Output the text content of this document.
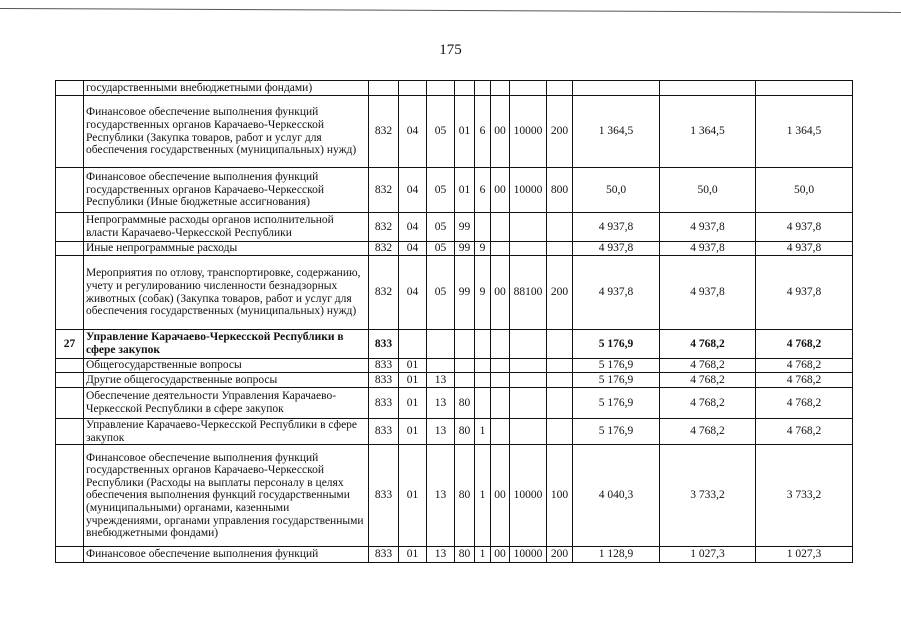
175
	государственными внебюджетными фондами)											
	Финансовое обеспечение выполнения функций государственных органов Карачаево-Черкесской Республики (Закупка товаров, работ и услуг для обеспечения государственных (муниципальных) нужд)	832	04	05	01	6	00	10000	200	1 364,5	1 364,5	1 364,5
	Финансовое обеспечение выполнения функций государственных органов Карачаево-Черкесской Республики (Иные бюджетные ассигнования)	832	04	05	01	6	00	10000	800	50,0	50,0	50,0
	Непрограммные расходы органов исполнительной власти Карачаево-Черкесской Республики	832	04	05	99					4 937,8	4 937,8	4 937,8
	Иные непрограммные расходы	832	04	05	99	9				4 937,8	4 937,8	4 937,8
	Мероприятия по отлову, транспортировке, содержанию, учету и регулированию численности безнадзорных животных (собак) (Закупка товаров, работ и услуг для обеспечения государственных (муниципальных) нужд)	832	04	05	99	9	00	88100	200	4 937,8	4 937,8	4 937,8
27	Управление Карачаево-Черкесской Республики в сфере закупок	833								5 176,9	4 768,2	4 768,2
	Общегосударственные вопросы	833	01							5 176,9	4 768,2	4 768,2
	Другие общегосударственные вопросы	833	01	13						5 176,9	4 768,2	4 768,2
	Обеспечение деятельности Управления Карачаево-Черкесской Республики в сфере закупок	833	01	13	80					5 176,9	4 768,2	4 768,2
	Управление Карачаево-Черкесской Республики в сфере закупок	833	01	13	80	1				5 176,9	4 768,2	4 768,2
	Финансовое обеспечение выполнения функций государственных органов Карачаево-Черкесской Республики (Расходы на выплаты персоналу в целях обеспечения выполнения функций государственными (муниципальными) органами, казенными учреждениями, органами управления государственными внебюджетными фондами)	833	01	13	80	1	00	10000	100	4 040,3	3 733,2	3 733,2
	Финансовое обеспечение выполнения функций	833	01	13	80	1	00	10000	200	1 128,9	1 027,3	1 027,3
